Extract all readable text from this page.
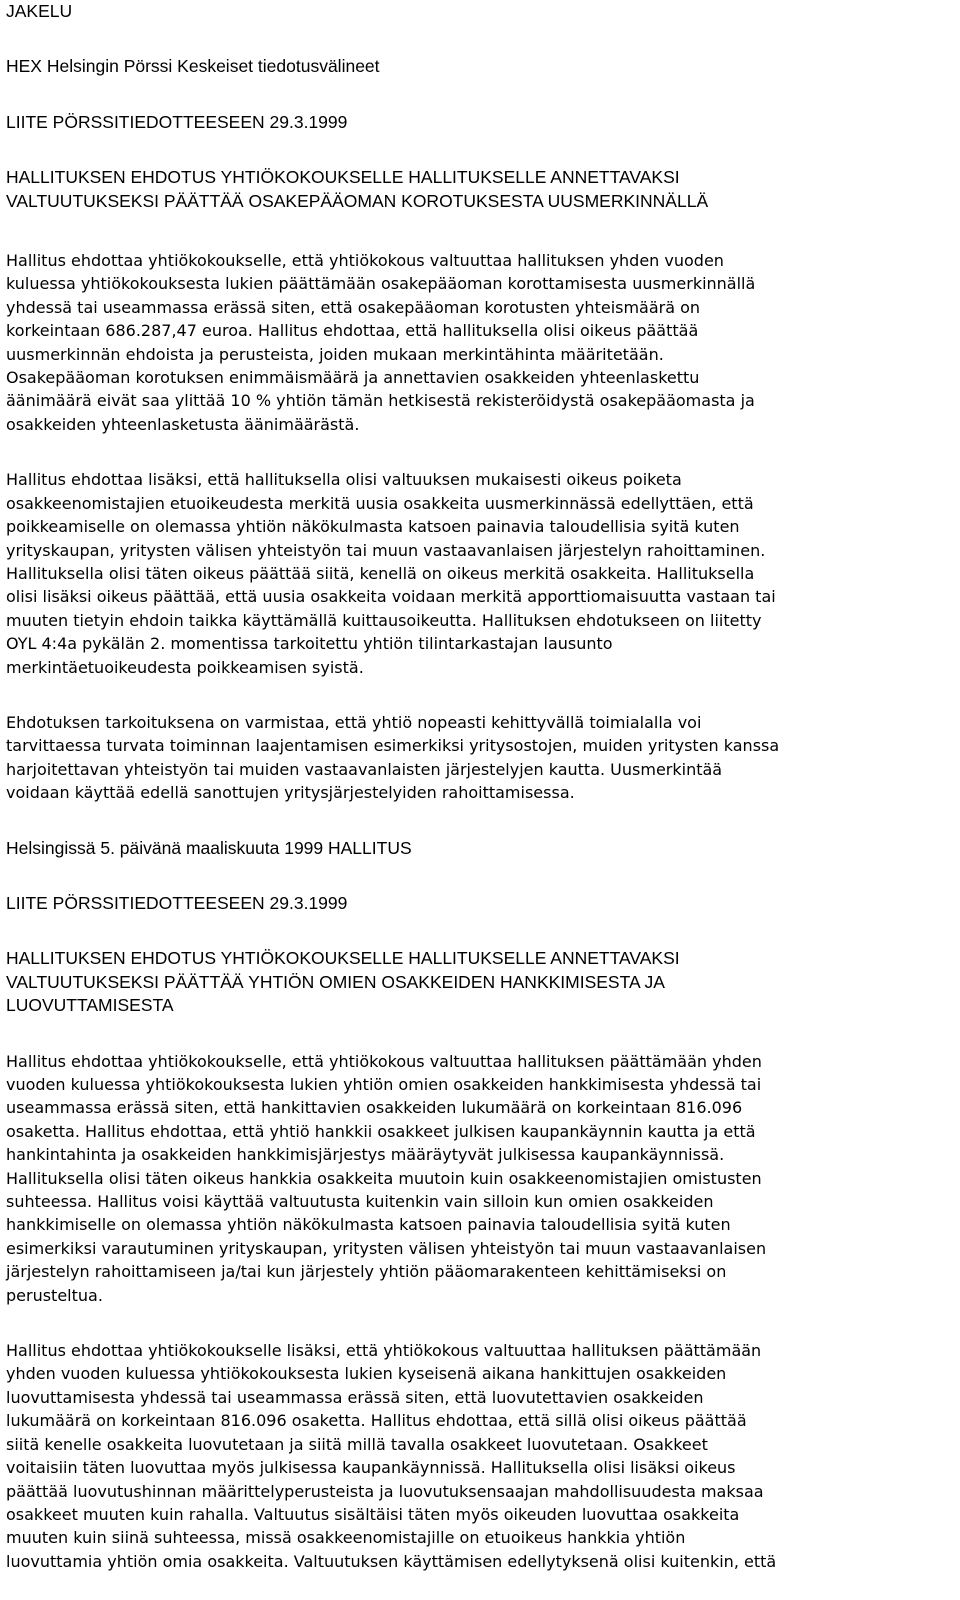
JAKELU

HEX Helsingin Pörssi Keskeiset tiedotusvälineet

LIITE PÖRSSITIEDOTTEESEEN 29.3.1999

HALLITUKSEN EHDOTUS YHTIÖKOKOUKSELLE HALLITUKSELLE ANNETTAVAKSI

VALTUUTUKSEKSI PÄÄTTÄÄ OSAKEPÄÄOMAN KOROTUKSESTA UUSMERKINNÄLLÄ

Hallitus ehdottaa yhtiökokoukselle, että yhtiökokous valtuuttaa hallituksen yhden vuoden

kuluessa yhtiökokouksesta lukien päättämään osakepääoman korottamisesta uusmerkinnällä

yhdessä tai useammassa erässä siten, että osakepääoman korotusten yhteismäärä on

korkeintaan 686.287,47 euroa. Hallitus ehdottaa, että hallituksella olisi oikeus päättää

uusmerkinnän ehdoista ja perusteista, joiden mukaan merkintähinta määritetään.

Osakepääoman korotuksen enimmäismäärä ja annettavien osakkeiden yhteenlaskettu

äänimäärä eivät saa ylittää 10 % yhtiön tämän hetkisestä rekisteröidystä osakepääomasta ja

osakkeiden yhteenlasketusta äänimäärästä.

Hallitus ehdottaa lisäksi, että hallituksella olisi valtuuksen mukaisesti oikeus poiketa

osakkeenomistajien etuoikeudesta merkitä uusia osakkeita uusmerkinnässä edellyttäen, että

poikkeamiselle on olemassa yhtiön näkökulmasta katsoen painavia taloudellisia syitä kuten

yrityskaupan, yritysten välisen yhteistyön tai muun vastaavanlaisen järjestelyn rahoittaminen.

Hallituksella olisi täten oikeus päättää siitä, kenellä on oikeus merkitä osakkeita. Hallituksella

olisi lisäksi oikeus päättää, että uusia osakkeita voidaan merkitä apporttiomaisuutta vastaan tai

muuten tietyin ehdoin taikka käyttämällä kuittausoikeutta. Hallituksen ehdotukseen on liitetty

OYL 4:4a pykälän 2. momentissa tarkoitettu yhtiön tilintarkastajan lausunto

merkintäetuoikeudesta poikkeamisen syistä.

Ehdotuksen tarkoituksena on varmistaa, että yhtiö nopeasti kehittyvällä toimialalla voi

tarvittaessa turvata toiminnan laajentamisen esimerkiksi yritysostojen, muiden yritysten kanssa

harjoitettavan yhteistyön tai muiden vastaavanlaisten järjestelyjen kautta. Uusmerkintää

voidaan käyttää edellä sanottujen yritysjärjestelyiden rahoittamisessa.

Helsingissä 5. päivänä maaliskuuta 1999 HALLITUS

LIITE PÖRSSITIEDOTTEESEEN 29.3.1999

HALLITUKSEN EHDOTUS YHTIÖKOKOUKSELLE HALLITUKSELLE ANNETTAVAKSI

VALTUUTUKSEKSI PÄÄTTÄÄ YHTIÖN OMIEN OSAKKEIDEN HANKKIMISESTA JA

LUOVUTTAMISESTA

Hallitus ehdottaa yhtiökokoukselle, että yhtiökokous valtuuttaa hallituksen päättämään yhden

vuoden kuluessa yhtiökokouksesta lukien yhtiön omien osakkeiden hankkimisesta yhdessä tai

useammassa erässä siten, että hankittavien osakkeiden lukumäärä on korkeintaan 816.096

osaketta. Hallitus ehdottaa, että yhtiö hankkii osakkeet julkisen kaupankäynnin kautta ja että

hankintahinta ja osakkeiden hankkimisjärjestys määräytyvät julkisessa kaupankäynnissä.

Hallituksella olisi täten oikeus hankkia osakkeita muutoin kuin osakkeenomistajien omistusten

suhteessa. Hallitus voisi käyttää valtuutusta kuitenkin vain silloin kun omien osakkeiden

hankkimiselle on olemassa yhtiön näkökulmasta katsoen painavia taloudellisia syitä kuten

esimerkiksi varautuminen yrityskaupan, yritysten välisen yhteistyön tai muun vastaavanlaisen

järjestelyn rahoittamiseen ja/tai kun järjestely yhtiön pääomarakenteen kehittämiseksi on

perusteltua.

Hallitus ehdottaa yhtiökokoukselle lisäksi, että yhtiökokous valtuuttaa hallituksen päättämään

yhden vuoden kuluessa yhtiökokouksesta lukien kyseisenä aikana hankittujen osakkeiden

luovuttamisesta yhdessä tai useammassa erässä siten, että luovutettavien osakkeiden

lukumäärä on korkeintaan 816.096 osaketta. Hallitus ehdottaa, että sillä olisi oikeus päättää

siitä kenelle osakkeita luovutetaan ja siitä millä tavalla osakkeet luovutetaan. Osakkeet

voitaisiin täten luovuttaa myös julkisessa kaupankäynnissä. Hallituksella olisi lisäksi oikeus

päättää luovutushinnan määrittelyperusteista ja luovutuksensaajan mahdollisuudesta maksaa

osakkeet muuten kuin rahalla. Valtuutus sisältäisi täten myös oikeuden luovuttaa osakkeita

muuten kuin siinä suhteessa, missä osakkeenomistajille on etuoikeus hankkia yhtiön

luovuttamia yhtiön omia osakkeita. Valtuutuksen käyttämisen edellytyksenä olisi kuitenkin, että
